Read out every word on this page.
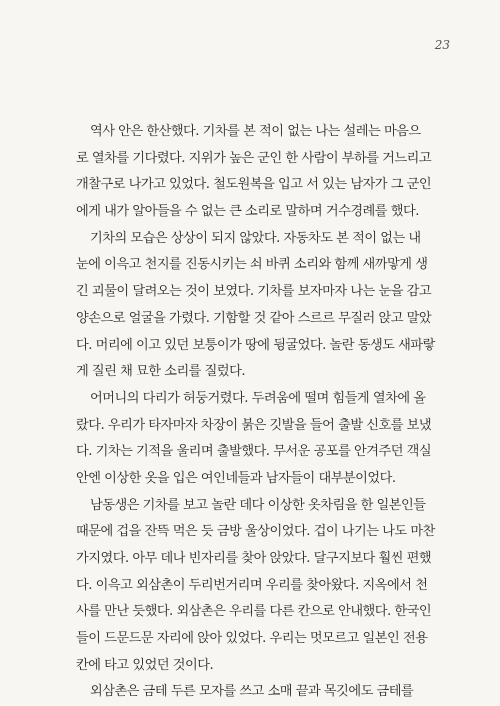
23
역사 안은 한산했다. 기차를 본 적이 없는 나는 설레는 마음으
로 열차를 기다렸다. 지위가 높은 군인 한 사람이 부하를 거느리고
개찰구로 나가고 있었다. 철도원복을 입고 서 있는 남자가 그 군인
에게 내가 알아들을 수 없는 큰 소리로 말하며 거수경례를 했다.
기차의 모습은 상상이 되지 않았다. 자동차도 본 적이 없는 내
눈에 이윽고 천지를 진동시키는 쇠 바퀴 소리와 함께 새까맣게 생
긴 괴물이 달려오는 것이 보였다. 기차를 보자마자 나는 눈을 감고
양손으로 얼굴을 가렸다. 기함할 것 같아 스르르 무질러 앉고 말았
다. 머리에 이고 있던 보퉁이가 땅에 뒹굴었다. 놀란 동생도 새파랗
게 질린 채 묘한 소리를 질렀다.
어머니의 다리가 허둥거렸다. 두려움에 떨며 힘들게 열차에 올
랐다. 우리가 타자마자 차장이 붉은 깃발을 들어 출발 신호를 보냈
다. 기차는 기적을 울리며 출발했다. 무서운 공포를 안겨주던 객실
안엔 이상한 옷을 입은 여인네들과 남자들이 대부분이었다.
남동생은 기차를 보고 놀란 데다 이상한 옷차림을 한 일본인들
때문에 겁을 잔뜩 먹은 듯 금방 울상이었다. 겁이 나기는 나도 마찬
가지였다. 아무 데나 빈자리를 찾아 앉았다. 달구지보다 훨씬 편했
다. 이윽고 외삼촌이 두리번거리며 우리를 찾아왔다. 지옥에서 천
사를 만난 듯했다. 외삼촌은 우리를 다른 칸으로 안내했다. 한국인
들이 드문드문 자리에 앉아 있었다. 우리는 멋모르고 일본인 전용
칸에 타고 있었던 것이다.
외삼촌은 금테 두른 모자를 쓰고 소매 끝과 목깃에도 금테를
